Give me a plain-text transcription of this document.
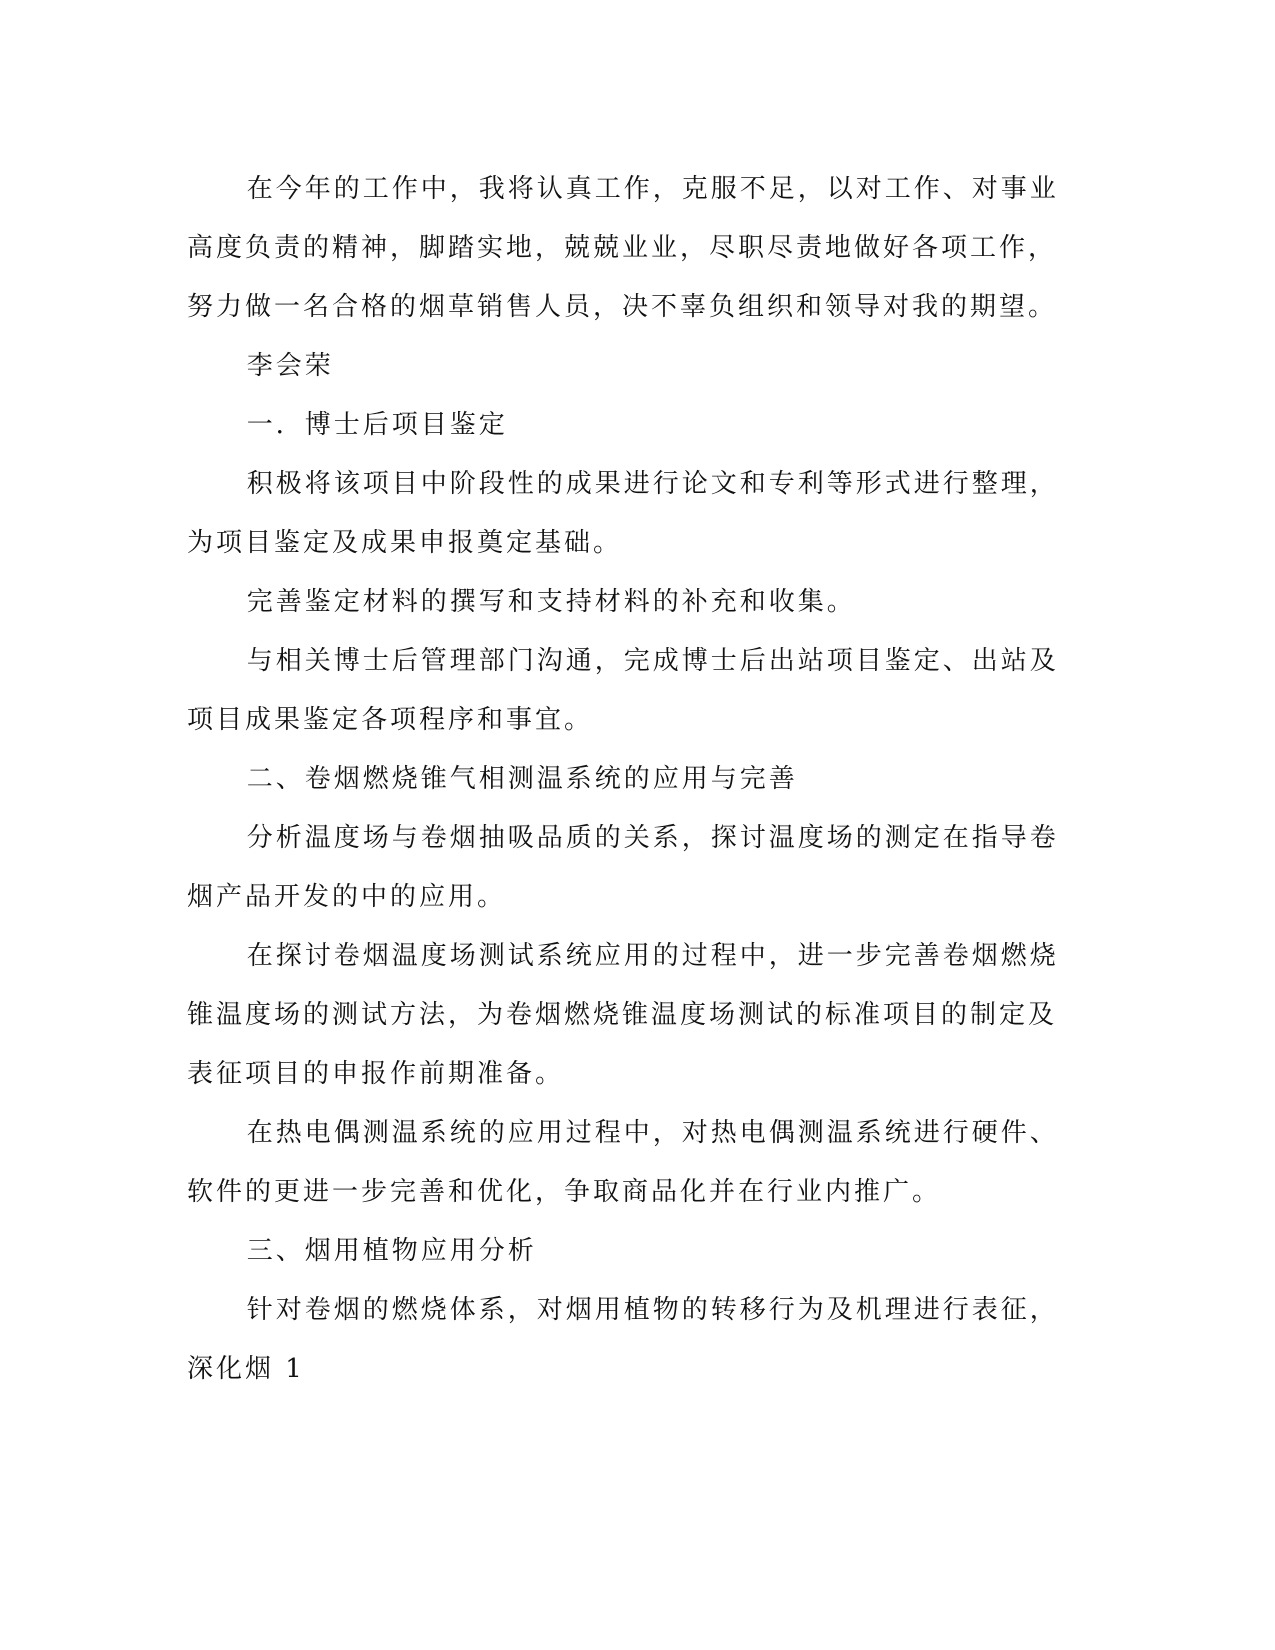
在今年的工作中，我将认真工作，克服不足，以对工作、对事业
高度负责的精神，脚踏实地，兢兢业业，尽职尽责地做好各项工作，
努力做一名合格的烟草销售人员，决不辜负组织和领导对我的期望。
李会荣
一．博士后项目鉴定
积极将该项目中阶段性的成果进行论文和专利等形式进行整理，
为项目鉴定及成果申报奠定基础。
完善鉴定材料的撰写和支持材料的补充和收集。
与相关博士后管理部门沟通，完成博士后出站项目鉴定、出站及
项目成果鉴定各项程序和事宜。
二、卷烟燃烧锥气相测温系统的应用与完善
分析温度场与卷烟抽吸品质的关系，探讨温度场的测定在指导卷
烟产品开发的中的应用。
在探讨卷烟温度场测试系统应用的过程中，进一步完善卷烟燃烧
锥温度场的测试方法，为卷烟燃烧锥温度场测试的标准项目的制定及
表征项目的申报作前期准备。
在热电偶测温系统的应用过程中，对热电偶测温系统进行硬件、
软件的更进一步完善和优化，争取商品化并在行业内推广。
三、烟用植物应用分析
针对卷烟的燃烧体系，对烟用植物的转移行为及机理进行表征，
深化烟 1
